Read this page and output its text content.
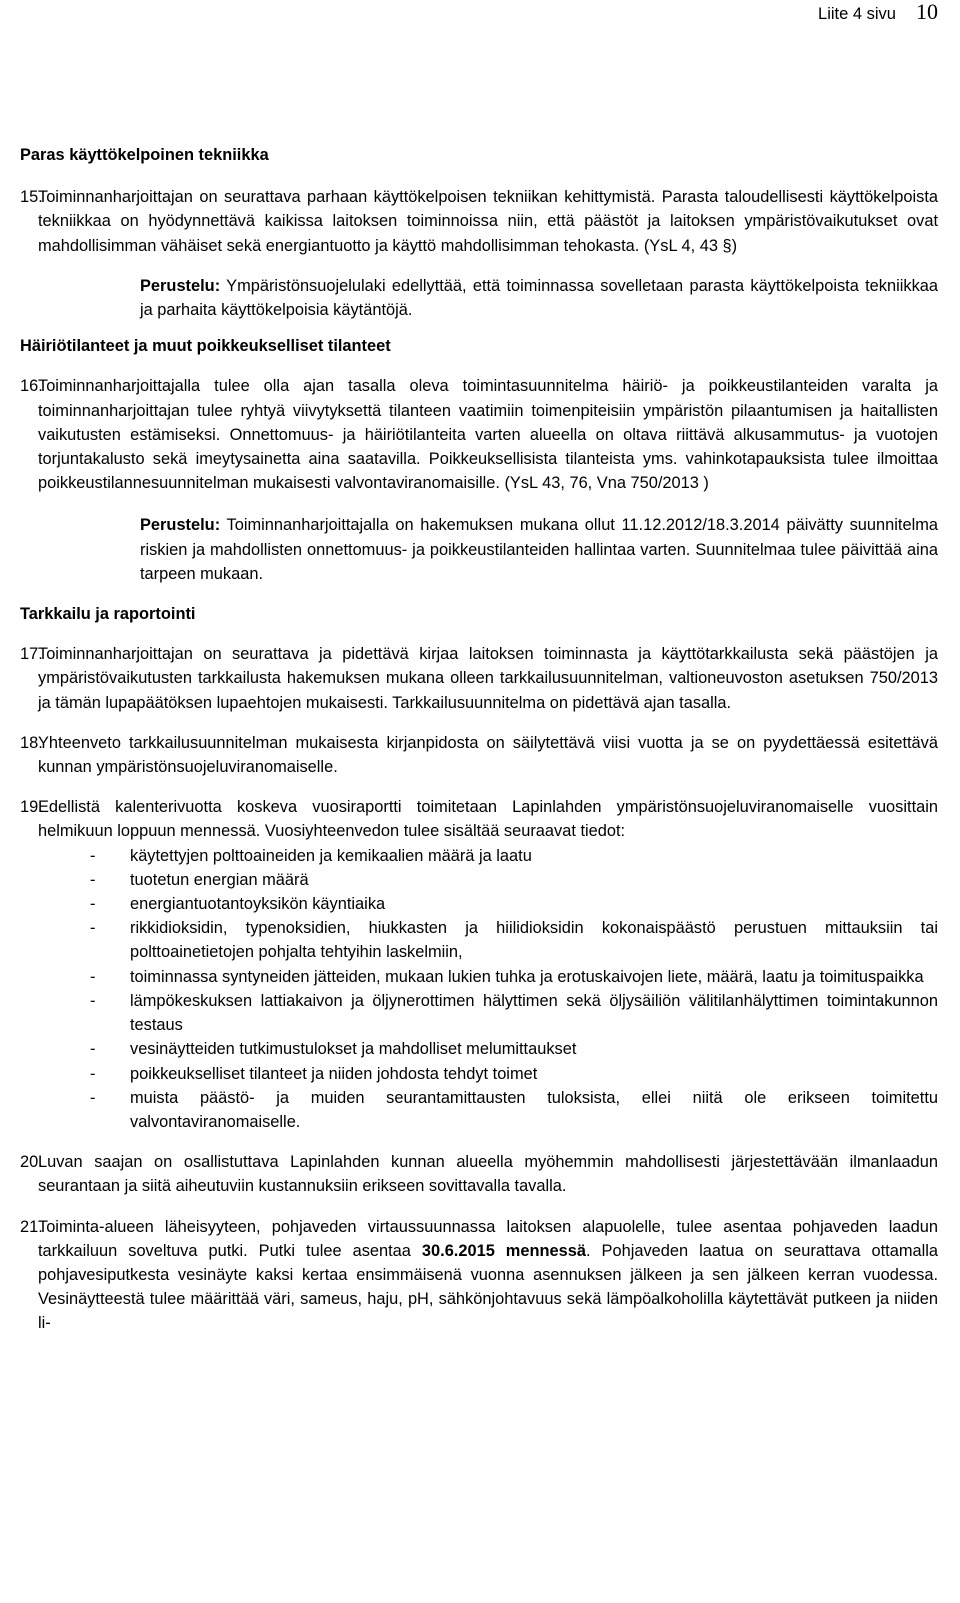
Liite 4 sivu 10
Paras käyttökelpoinen tekniikka
15.
Toiminnanharjoittajan on seurattava parhaan käyttökelpoisen tekniikan kehittymistä. Parasta taloudellisesti käyttökelpoista tekniikkaa on hyödynnettävä kaikissa laitoksen toiminnoissa niin, että päästöt ja laitoksen ympäristövaikutukset ovat mahdollisimman vähäiset sekä energiantuotto ja käyttö mahdollisimman tehokasta. (YsL 4, 43 §)
Perustelu: Ympäristönsuojelulaki edellyttää, että toiminnassa sovelletaan parasta käyttökelpoista tekniikkaa ja parhaita käyttökelpoisia käytäntöjä.
Häiriötilanteet ja muut poikkeukselliset tilanteet
16.
Toiminnanharjoittajalla tulee olla ajan tasalla oleva toimintasuunnitelma häiriö- ja poikkeustilanteiden varalta ja toiminnanharjoittajan tulee ryhtyä viivytyksettä tilanteen vaatimiin toimenpiteisiin ympäristön pilaantumisen ja haitallisten vaikutusten estämiseksi. Onnettomuus- ja häiriötilanteita varten alueella on oltava riittävä alkusammutus- ja vuotojen torjuntakalusto sekä imeytysainetta aina saatavilla. Poikkeuksellisista tilanteista yms. vahinkotapauksista tulee ilmoittaa poikkeustilannesuunnitelman mukaisesti valvontaviranomaisille. (YsL 43, 76, Vna 750/2013 )
Perustelu: Toiminnanharjoittajalla on hakemuksen mukana ollut 11.12.2012/18.3.2014 päivätty suunnitelma riskien ja mahdollisten onnettomuus- ja poikkeustilanteiden hallintaa varten. Suunnitelmaa tulee päivittää aina tarpeen mukaan.
Tarkkailu ja raportointi
17.
Toiminnanharjoittajan on seurattava ja pidettävä kirjaa laitoksen toiminnasta ja käyttötarkkailusta sekä päästöjen ja ympäristövaikutusten tarkkailusta hakemuksen mukana olleen tarkkailusuunnitelman, valtioneuvoston asetuksen 750/2013 ja tämän lupapäätöksen lupaehtojen mukaisesti. Tarkkailusuunnitelma on pidettävä ajan tasalla.
18.
Yhteenveto tarkkailusuunnitelman mukaisesta kirjanpidosta on säilytettävä viisi vuotta ja se on pyydettäessä esitettävä kunnan ympäristönsuojeluviranomaiselle.
19.
Edellistä kalenterivuotta koskeva vuosiraportti toimitetaan Lapinlahden ympäristönsuojeluviranomaiselle vuosittain helmikuun loppuun mennessä. Vuosiyhteenvedon tulee sisältää seuraavat tiedot:
-	käytettyjen polttoaineiden ja kemikaalien määrä ja laatu
-	tuotetun energian määrä
-	energiantuotantoyksikön käyntiaika
-	rikkidioksidin, typenoksidien, hiukkasten ja hiilidioksidin kokonaispäästö perustuen mittauksiin tai polttoainetietojen pohjalta tehtyihin laskelmiin,
-	toiminnassa syntyneiden jätteiden, mukaan lukien tuhka ja erotuskaivojen liete, määrä, laatu ja toimituspaikka
-	lämpökeskuksen lattiakaivon ja öljynerottimen hälyttimen sekä öljysäiliön välitilanhälyttimen toimintakunnon testaus
-	vesinäytteiden tutkimustulokset ja mahdolliset melumittaukset
-	poikkeukselliset tilanteet ja niiden johdosta tehdyt toimet
-	muista päästö- ja muiden seurantamittausten tuloksista, ellei niitä ole erikseen toimitettu valvontaviranomaiselle.
20.
Luvan saajan on osallistuttava Lapinlahden kunnan alueella myöhemmin mahdollisesti järjestettävään ilmanlaadun seurantaan ja siitä aiheutuviin kustannuksiin erikseen sovittavalla tavalla.
21.
Toiminta-alueen läheisyyteen, pohjaveden virtaussuunnassa laitoksen alapuolelle, tulee asentaa pohjaveden laadun tarkkailuun soveltuva putki. Putki tulee asentaa 30.6.2015 mennessä. Pohjaveden laatua on seurattava ottamalla pohjavesiputkesta vesinäyte kaksi kertaa ensimmäisenä vuonna asennuksen jälkeen ja sen jälkeen kerran vuodessa. Vesinäytteestä tulee määrittää väri, sameus, haju, pH, sähkönjohtavuus sekä lämpöalkoholilla käytettävät putkeen ja niiden li-
